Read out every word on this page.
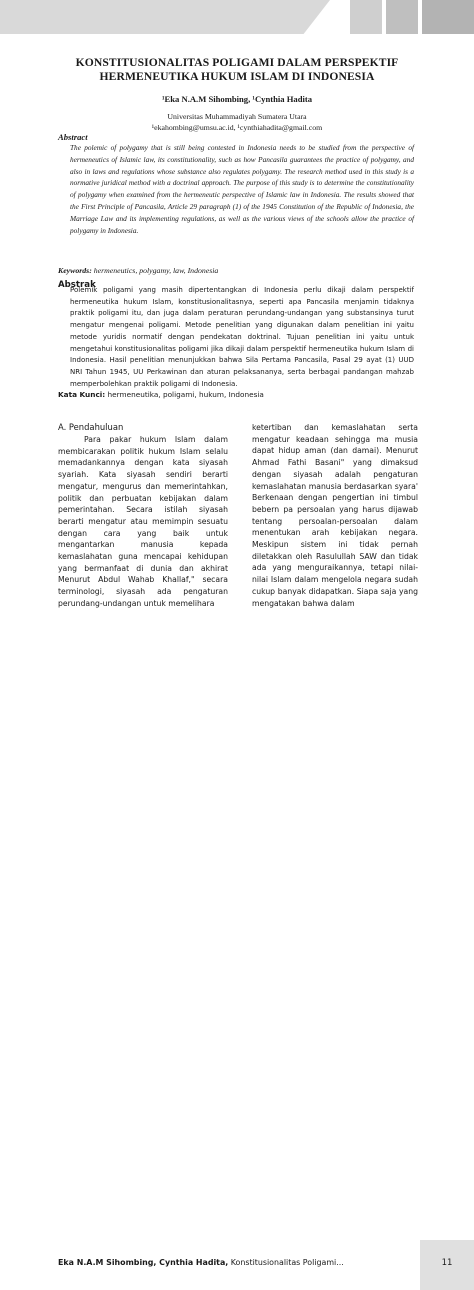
KONSTITUSIONALITAS POLIGAMI DALAM PERSPEKTIF
HERMENEUTIKA HUKUM ISLAM DI INDONESIA
¹Eka N.A.M Sihombing, ¹Cynthia Hadita
Universitas Muhammadiyah Sumatera Utara
¹ekahombing@umsu.ac.id, ¹cynthiahadita@gmail.com
Abstract
The polemic of polygamy that is still being contested in Indonesia needs to be studied from the perspective of hermeneutics of Islamic law, its constitutionality, such as how Pancasila guarantees the practice of polygamy, and also in laws and regulations whose substance also regulates polygamy. The research method used in this study is a normative juridical method with a doctrinal approach. The purpose of this study is to determine the constitutionality of polygamy when examined from the hermeneutic perspective of Islamic law in Indonesia. The results showed that the First Principle of Pancasila, Article 29 paragraph (1) of the 1945 Constitution of the Republic of Indonesia, the Marriage Law and its implementing regulations, as well as the various views of the schools allow the practice of polygamy in Indonesia.
Keywords: hermeneutics, polygamy, law, Indonesia
Abstrak
Polemik poligami yang masih dipertentangkan di Indonesia perlu dikaji dalam perspektif hermeneutika hukum Islam, konstitusionalitasnya, seperti apa Pancasila menjamin tidaknya praktik poligami itu, dan juga dalam peraturan perundang-undangan yang substansinya turut mengatur mengenai poligami. Metode penelitian yang digunakan dalam penelitian ini yaitu metode yuridis normatif dengan pendekatan doktrinal. Tujuan penelitian ini yaitu untuk mengetahui konstitusionalitas poligami jika dikaji dalam perspektif hermeneutika hukum Islam di Indonesia. Hasil penelitian menunjukkan bahwa Sila Pertama Pancasila, Pasal 29 ayat (1) UUD NRI Tahun 1945, UU Perkawinan dan aturan pelaksananya, serta berbagai pandangan mahzab memperbolehkan praktik poligami di Indonesia.
Kata Kunci: hermeneutika, poligami, hukum, Indonesia
A. Pendahuluan
Para pakar hukum Islam dalam membicarakan politik hukum Islam selalu memadankannya dengan kata siyasah syariah. Kata siyasah sendiri berarti mengatur, mengurus dan memerintahkan, politik dan perbuatan kebijakan dalam pemerintahan. Secara istilah siyasah berarti mengatur atau memimpin sesuatu dengan cara yang baik untuk mengantarkan manusia kepada kemaslahatan guna mencapai kehidupan yang bermanfaat di dunia dan akhirat Menurut Abdul Wahab Khallaf," secara terminologi, siyasah ada pengaturan perundang-undangan untuk memelihara
ketertiban dan kemaslahatan serta mengatur keadaan sehingga ma musia dapat hidup aman (dan damai). Menurut Ahmad Fathi Basani" yang dimaksud dengan siyasah adalah pengaturan kemaslahatan manusia berdasarkan syara' Berkenaan dengan pengertian ini timbul bebern pa persoalan yang harus dijawab tentang persoalan-persoalan dalam menentukan arah kebijakan negara. Meskipun sistem ini tidak pernah diletakkan oleh Rasulullah SAW dan tidak ada yang menguraikannya, tetapi nilai-nilai Islam dalam mengelola negara sudah cukup banyak didapatkan. Siapa saja yang mengatakan bahwa dalam
Eka N.A.M Sihombing, Cynthia Hadita, Konstitusionalitas Poligami...	11
